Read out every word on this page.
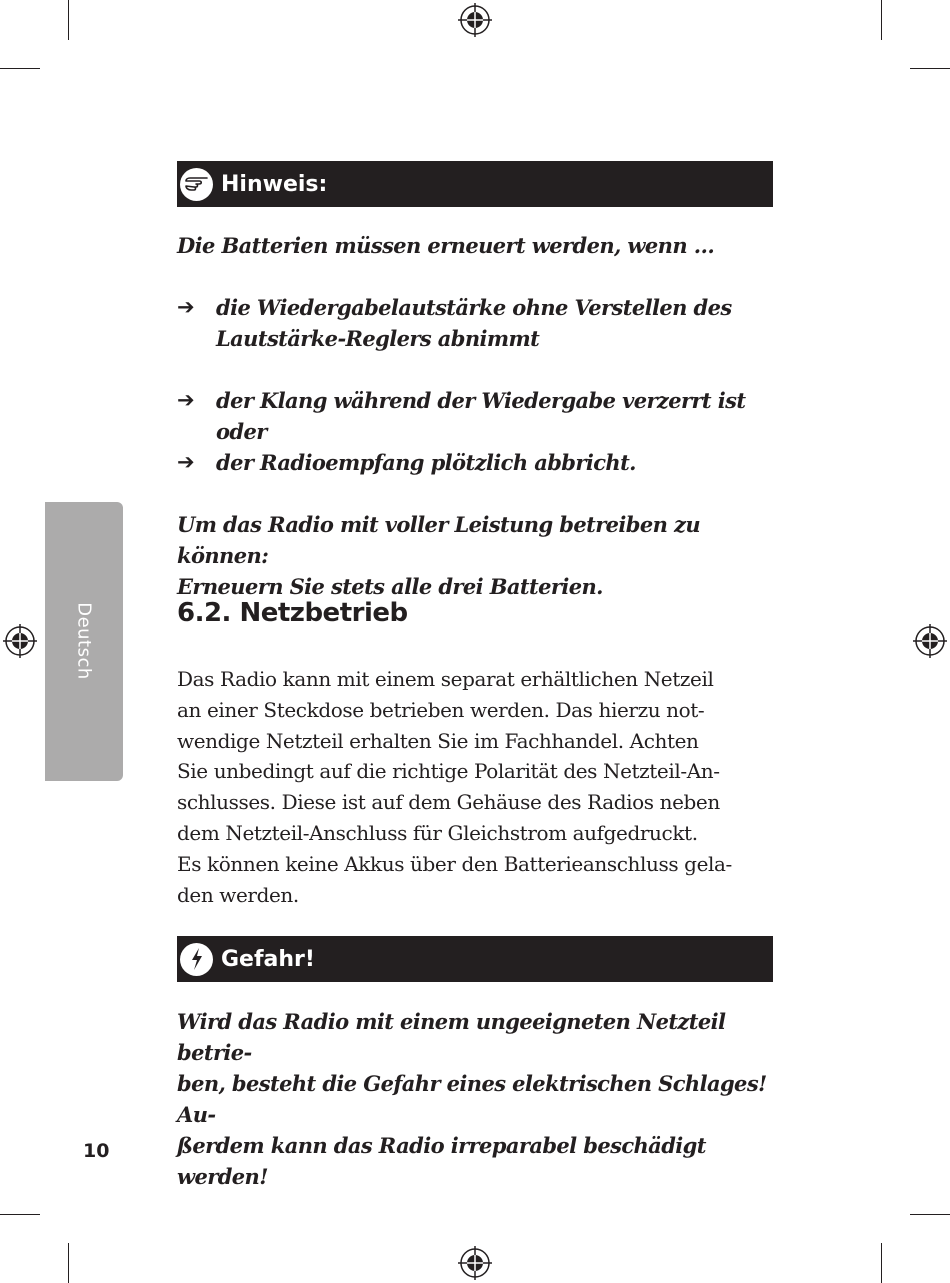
Deutsch
Hinweis:
Die Batterien müssen erneuert werden, wenn …
➔	die Wiedergabelautstärke ohne Verstellen des
Lautstärke-Reglers abnimmt
➔	der Klang während der Wiedergabe verzerrt ist oder
➔	der Radioempfang plötzlich abbricht.
Um das Radio mit voller Leistung betreiben zu können:
Erneuern Sie stets alle drei Batterien.
6.2. Netzbetrieb
Das Radio kann mit einem separat erhältlichen Netzeil
an einer Steckdose betrieben werden. Das hierzu not-
wendige Netzteil erhalten Sie im Fachhandel. Achten
Sie unbedingt auf die richtige Polarität des Netzteil-An-
schlusses. Diese ist auf dem Gehäuse des Radios neben
dem Netzteil-Anschluss für Gleichstrom aufgedruckt.
Es können keine Akkus über den Batterieanschluss gela-
den werden.
Gefahr!
Wird das Radio mit einem ungeeigneten Netzteil betrie-
ben, besteht die Gefahr eines elektrischen Schlages! Au-
ßerdem kann das Radio irreparabel beschädigt werden!
10
